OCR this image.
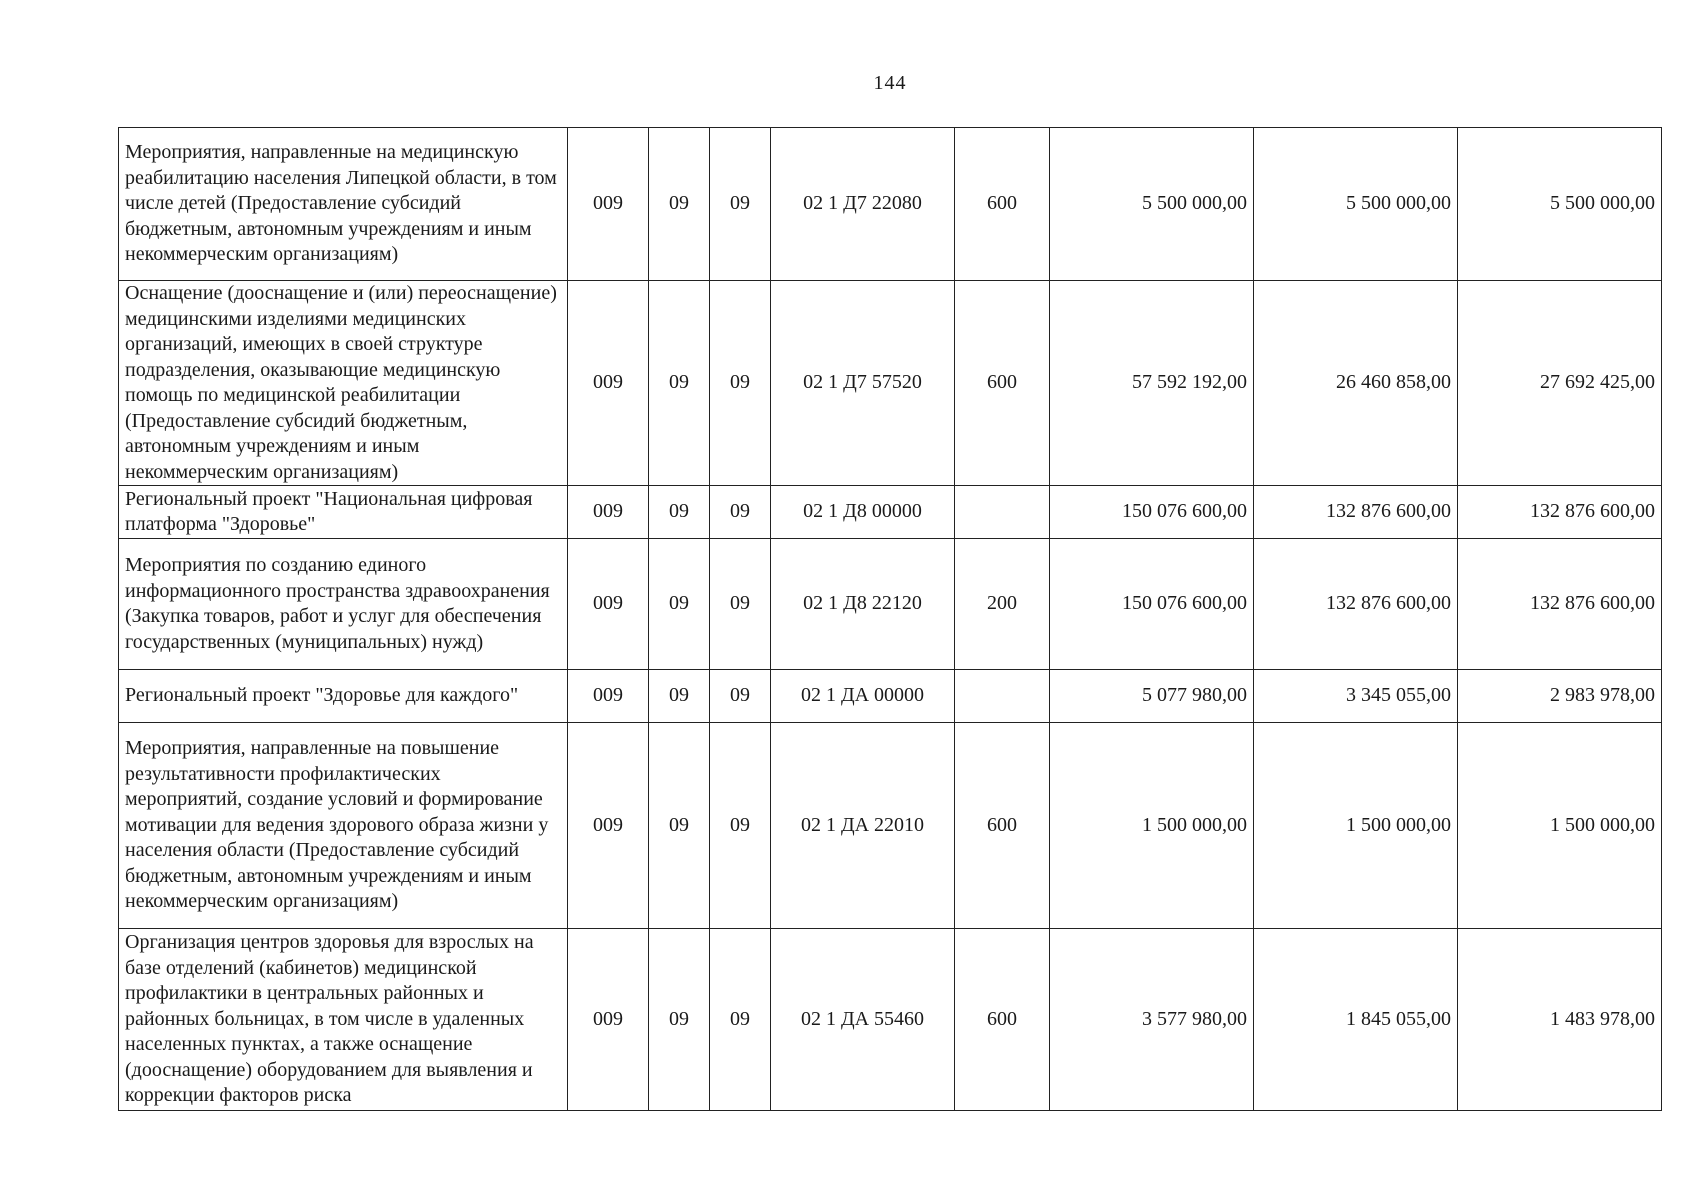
144
Мероприятия, направленные на медицинскую реабилитацию населения Липецкой области, в том числе детей (Предоставление субсидий бюджетным, автономным учреждениям и иным некоммерческим организациям)	009	09	09	02 1 Д7 22080	600	5 500 000,00	5 500 000,00	5 500 000,00
Оснащение (дооснащение и (или) переоснащение) медицинскими изделиями медицинских организаций, имеющих в своей структуре подразделения, оказывающие медицинскую помощь по медицинской реабилитации (Предоставление субсидий бюджетным, автономным учреждениям и иным некоммерческим организациям)	009	09	09	02 1 Д7 57520	600	57 592 192,00	26 460 858,00	27 692 425,00
Региональный проект "Национальная цифровая платформа "Здоровье"	009	09	09	02 1 Д8 00000		150 076 600,00	132 876 600,00	132 876 600,00
Мероприятия по созданию единого информационного пространства здравоохранения (Закупка товаров, работ и услуг для обеспечения государственных (муниципальных) нужд)	009	09	09	02 1 Д8 22120	200	150 076 600,00	132 876 600,00	132 876 600,00
Региональный проект "Здоровье для каждого"	009	09	09	02 1 ДА 00000		5 077 980,00	3 345 055,00	2 983 978,00
Мероприятия, направленные на повышение результативности профилактических мероприятий, создание условий и формирование мотивации для ведения здорового образа жизни у населения области (Предоставление субсидий бюджетным, автономным учреждениям и иным некоммерческим организациям)	009	09	09	02 1 ДА 22010	600	1 500 000,00	1 500 000,00	1 500 000,00
Организация центров здоровья для взрослых на базе отделений (кабинетов) медицинской профилактики в центральных районных и районных больницах, в том числе в удаленных населенных пунктах, а также оснащение (дооснащение) оборудованием для выявления и коррекции факторов риска	009	09	09	02 1 ДА 55460	600	3 577 980,00	1 845 055,00	1 483 978,00
